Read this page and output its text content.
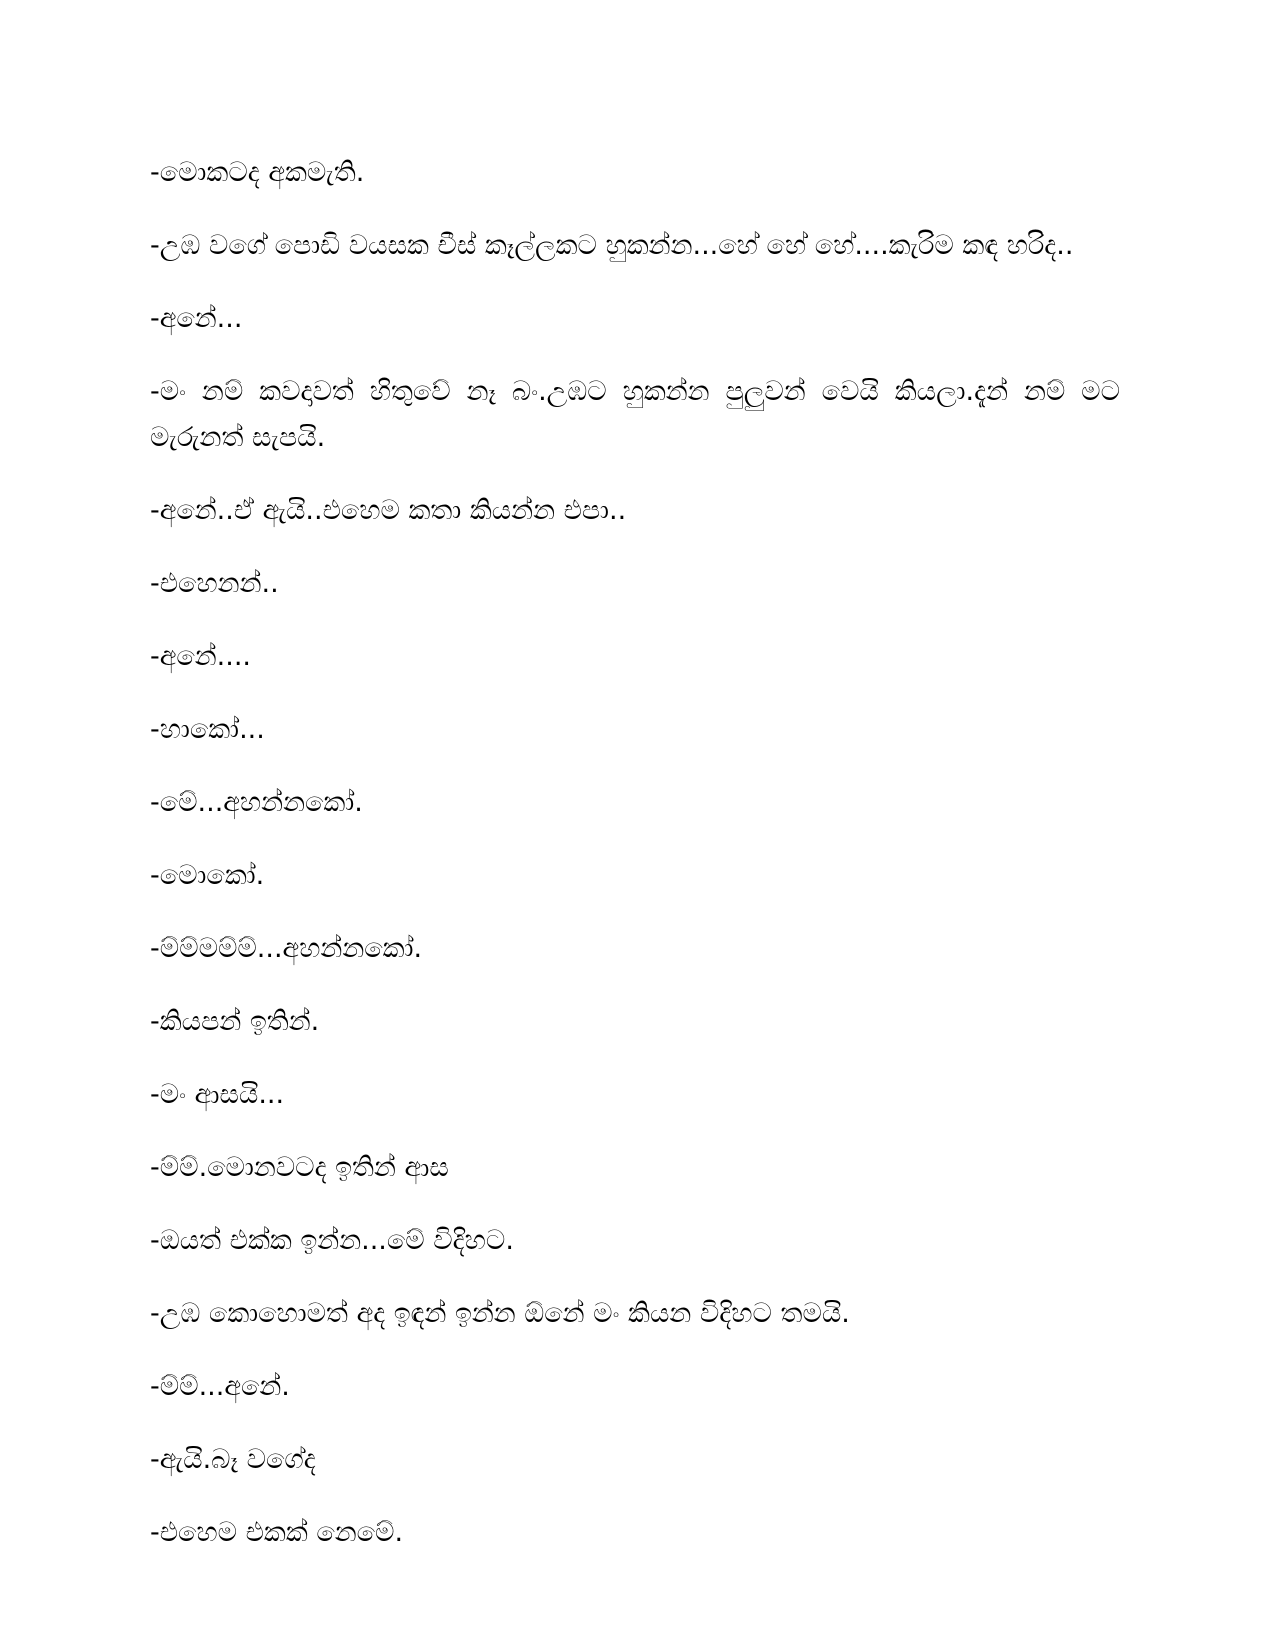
-මොකටද අකමැති.

-උඹ වගේ පොඩි වයසක චීස් කෑල්ලකට හුකන්න...හේ හේ හේ....කැරිම කඳ හරිද..

-අනේ...

-මං නම් කවදාවත් හිතුවේ නෑ බං.උඹට හුකන්න පුලුවන් වෙයි කියලා.දැන් නම් මට මැරුනත් සැපයි.

-අනේ..ඒ ඇයි..එහෙම කතා කියන්න එපා..

-එහෙනන්..

-අනේ....

-හාකෝ...

-මේ...අහන්නකෝ.

-මොකෝ.

-ම්ම්මම්ම්...අහන්නකෝ.

-කියපන් ඉතින්.

-මං ආසයි...

-ම්ම්.මොනවටද ඉතින් ආස

-ඔයත් එක්ක ඉන්න...මේ විදිහට.

-උඹ කොහොමත් අද ඉඳන් ඉන්න ඕනේ මං කියන විදිහට තමයි.

-ම්ම්...අනේ.

-ඇයි.බෑ වගේද

-එහෙම එකක් නෙමේ.
